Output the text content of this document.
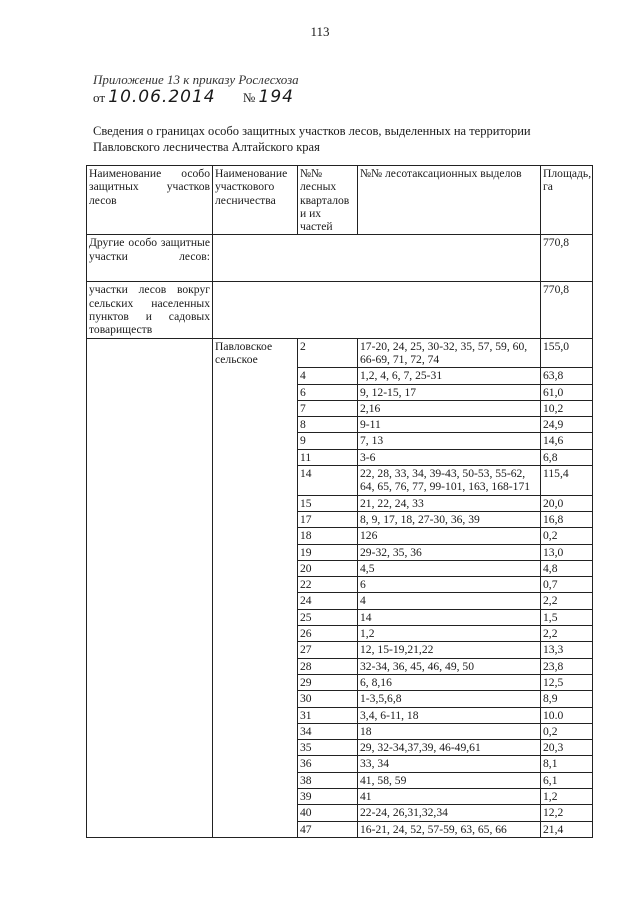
113
Приложение 13 к приказу Рослесхоза
от 10.06.2014 № 194
Сведения о границах особо защитных участков лесов, выделенных на территории Павловского лесничества Алтайского края
Наименование особо защитных участков лесов	Наименование участкового лесничества	№№ лесных кварталов и их частей	№№ лесотаксационных выделов	Площадь, га
Другие особо защитные участки лесов:				770,8
участки лесов вокруг сельских населенных пунктов и садовых товариществ				770,8
	Павловское сельское	2	17-20, 24, 25, 30-32, 35, 57, 59, 60, 66-69, 71, 72, 74	155,0
		4	1,2, 4, 6, 7, 25-31	63,8
		6	9, 12-15, 17	61,0
		7	2,16	10,2
		8	9-11	24,9
		9	7, 13	14,6
		11	3-6	6,8
		14	22, 28, 33, 34, 39-43, 50-53, 55-62, 64, 65, 76, 77, 99-101, 163, 168-171	115,4
		15	21, 22, 24, 33	20,0
		17	8, 9, 17, 18, 27-30, 36, 39	16,8
		18	126	0,2
		19	29-32, 35, 36	13,0
		20	4,5	4,8
		22	6	0,7
		24	4	2,2
		25	14	1,5
		26	1,2	2,2
		27	12, 15-19,21,22	13,3
		28	32-34, 36, 45, 46, 49, 50	23,8
		29	6, 8,16	12,5
		30	1-3,5,6,8	8,9
		31	3,4, 6-11, 18	10.0
		34	18	0,2
		35	29, 32-34,37,39, 46-49,61	20,3
		36	33, 34	8,1
		38	41, 58, 59	6,1
		39	41	1,2
		40	22-24, 26,31,32,34	12,2
		47	16-21, 24, 52, 57-59, 63, 65, 66	21,4
